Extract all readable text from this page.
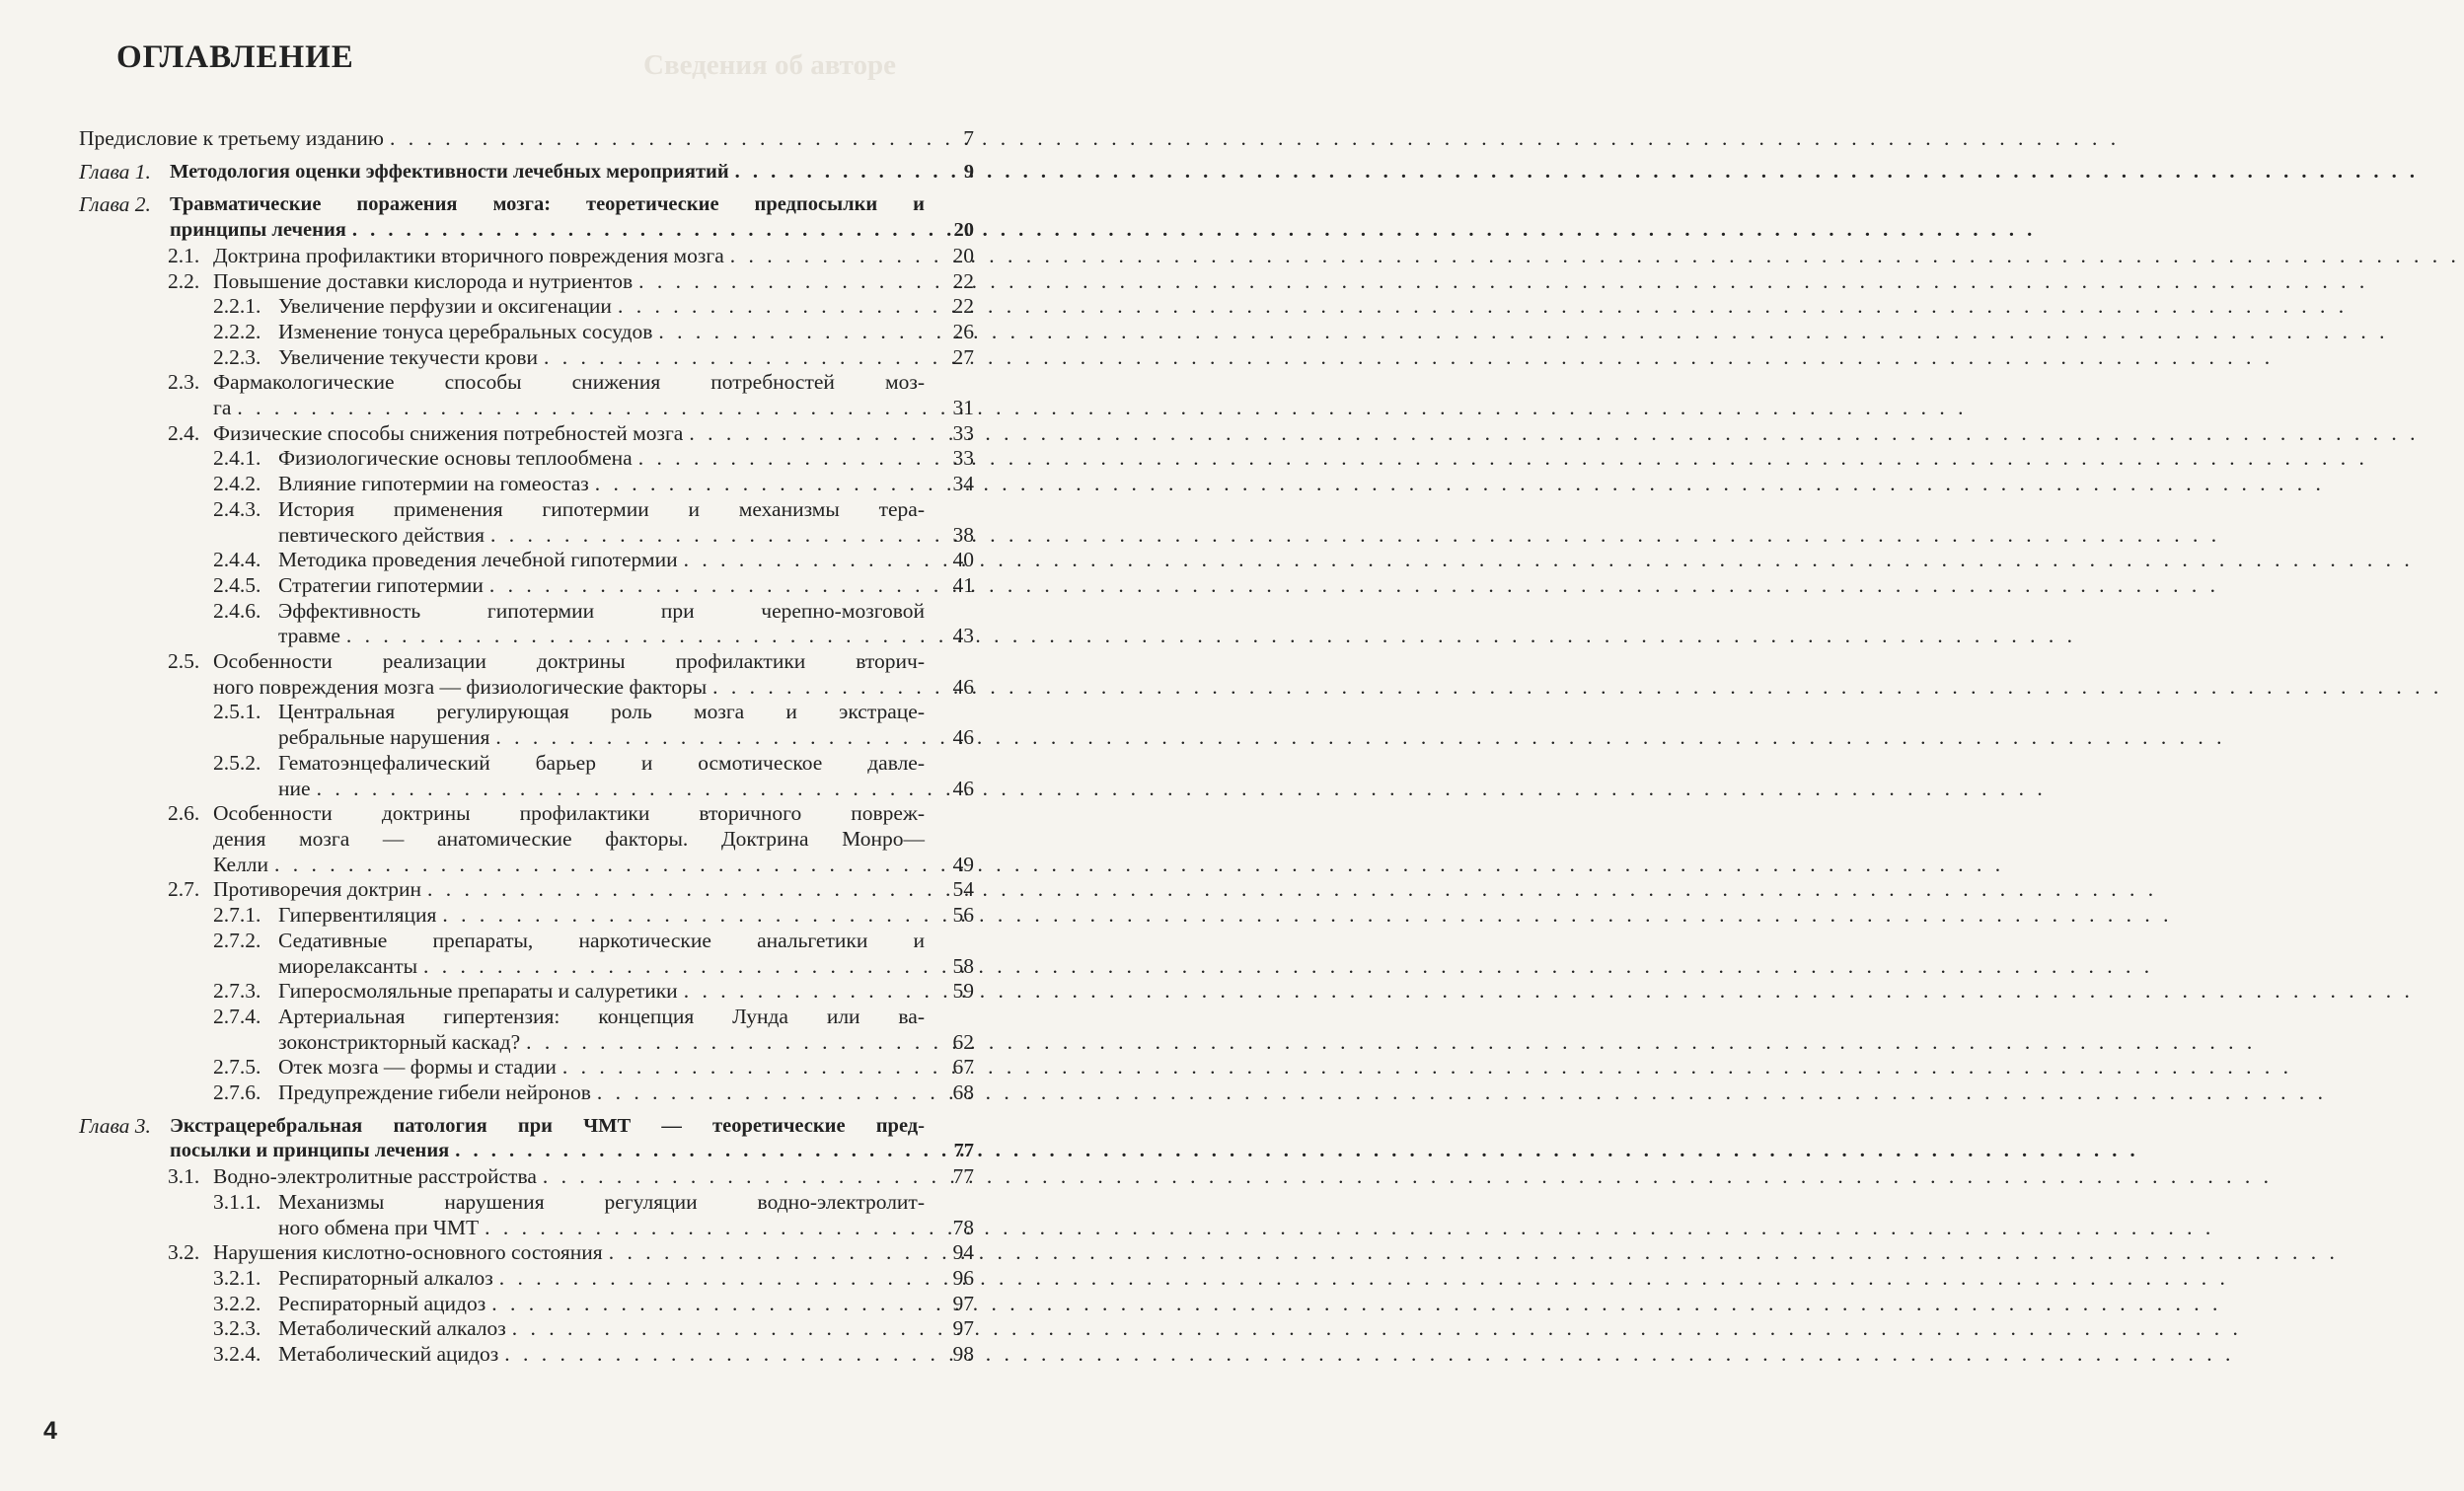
ОГЛАВЛЕНИЕ	Сведения об авторе

Предисловие к третьему изданию . . .	7
Глава 1. Методология оценки эффективности лечебных мероприятий . . .	9
Глава 2. Травматические поражения мозга: теоретические предпосылки и
принципы лечения . . .	20
2.1. Доктрина профилактики вторичного повреждения мозга . . .	20
2.2. Повышение доставки кислорода и нутриентов . . .	22
2.2.1. Увеличение перфузии и оксигенации . . .	22
2.2.2. Изменение тонуса церебральных сосудов . . .	26
2.2.3. Увеличение текучести крови . . .	27
2.3. Фармакологические способы снижения потребностей моз-
га . . .	31
2.4. Физические способы снижения потребностей мозга . . .	33
2.4.1. Физиологические основы теплообмена . . .	33
2.4.2. Влияние гипотермии на гомеостаз . . .	34
2.4.3. История применения гипотермии и механизмы тера-
певтического действия . . .	38
2.4.4. Методика проведения лечебной гипотермии . . .	40
2.4.5. Стратегии гипотермии . . .	41
2.4.6. Эффективность гипотермии при черепно-мозговой
травме . . .	43
2.5. Особенности реализации доктрины профилактики вторич-
ного повреждения мозга — физиологические факторы . . .	46
2.5.1. Центральная регулирующая роль мозга и экстраце-
ребральные нарушения . . .	46
2.5.2. Гематоэнцефалический барьер и осмотическое давле-
ние . . .	46
2.6. Особенности доктрины профилактики вторичного повреж-
дения мозга — анатомические факторы. Доктрина Монро—
Келли . . .	49
2.7. Противоречия доктрин . . .	54
2.7.1. Гипервентиляция . . .	56
2.7.2. Седативные препараты, наркотические анальгетики и
миорелаксанты . . .	58
2.7.3. Гиперосмоляльные препараты и салуретики . . .	59
2.7.4. Артериальная гипертензия: концепция Лунда или ва-
зоконстрикторный каскад? . . .	62
2.7.5. Отек мозга — формы и стадии . . .	67
2.7.6. Предупреждение гибели нейронов . . .	68
Глава 3. Экстрацеребральная патология при ЧМТ — теоретические пред-
посылки и принципы лечения . . .	77
3.1. Водно-электролитные расстройства . . .	77
3.1.1. Механизмы нарушения регуляции водно-электролит-
ного обмена при ЧМТ . . .	78
3.2. Нарушения кислотно-основного состояния . . .	94
3.2.1. Респираторный алкалоз . . .	96
3.2.2. Респираторный ацидоз . . .	97
3.2.3. Метаболический алкалоз . . .	97
3.2.4. Метаболический ацидоз . . .	98

4
